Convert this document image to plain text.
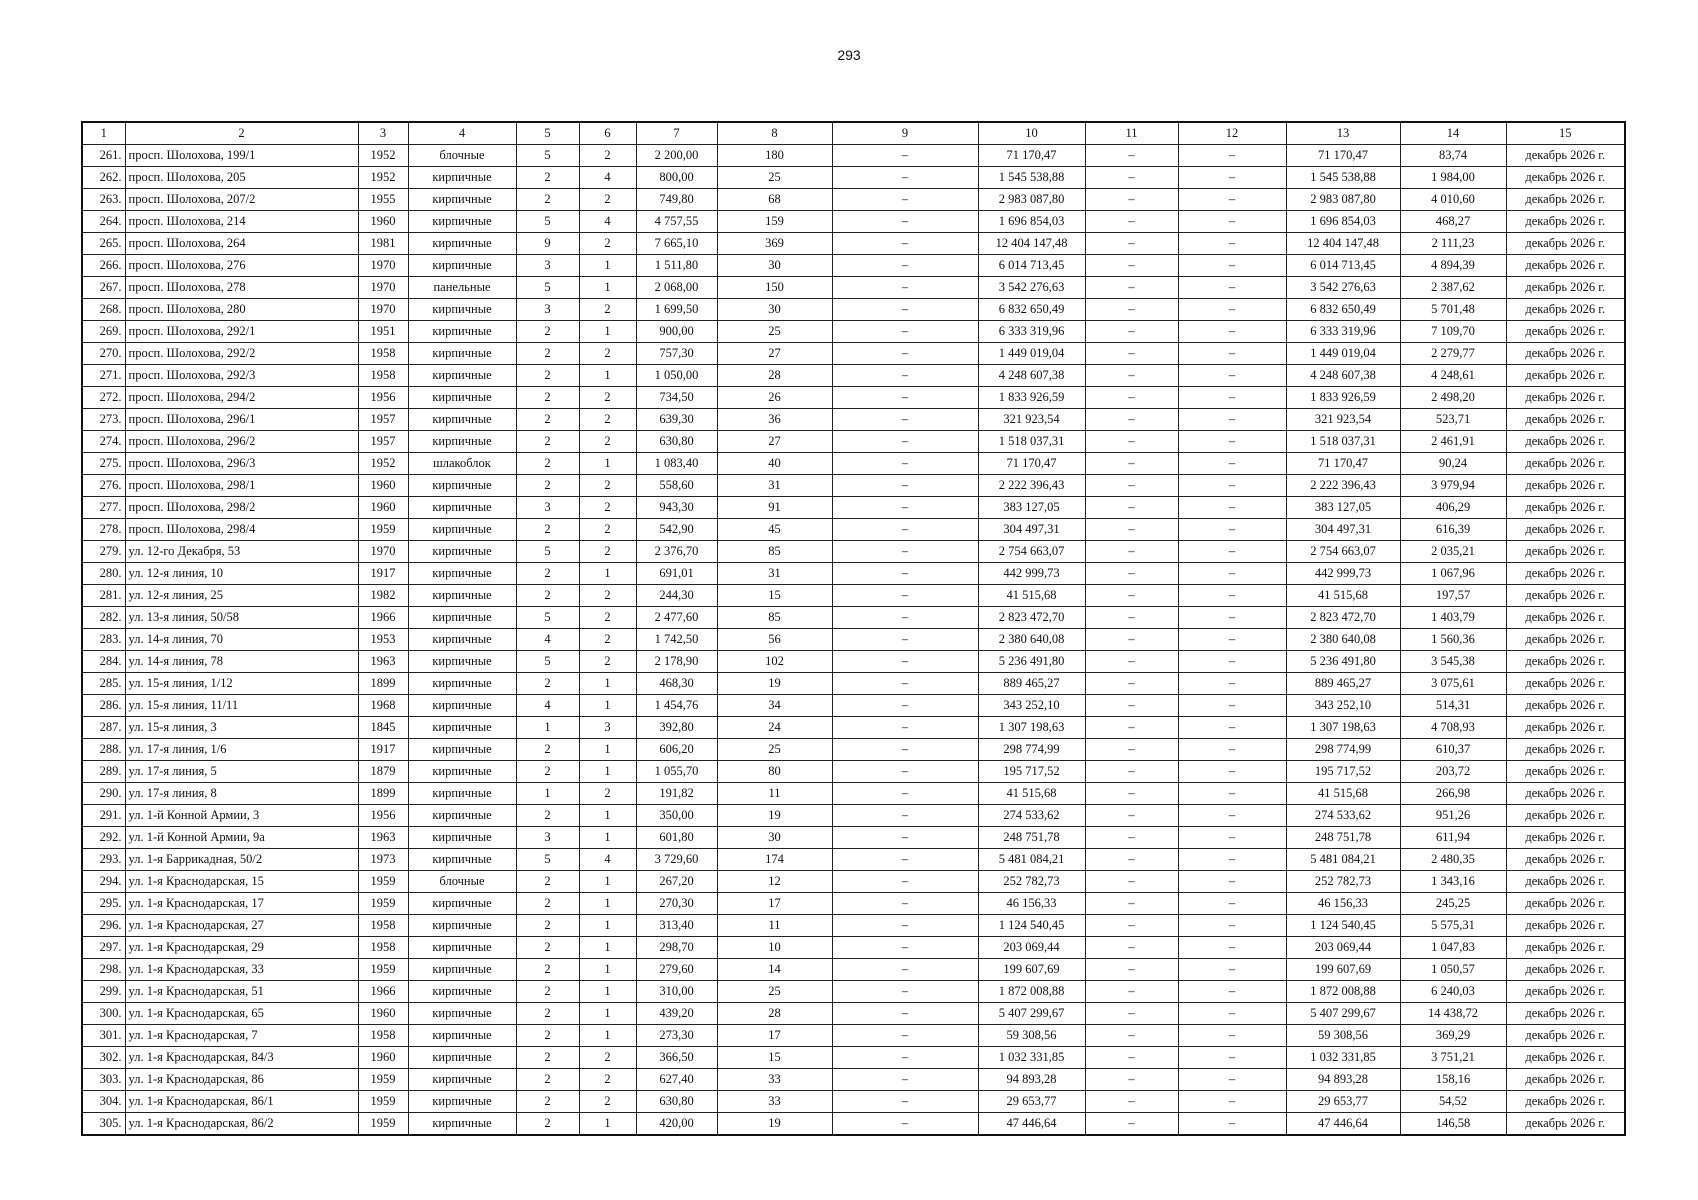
293
1	2	3	4	5	6	7	8	9	10	11	12	13	14	15
261.	просп. Шолохова, 199/1	1952	блочные	5	2	2 200,00	180	–	71 170,47	–	–	71 170,47	83,74	декабрь 2026 г.
262.	просп. Шолохова, 205	1952	кирпичные	2	4	800,00	25	–	1 545 538,88	–	–	1 545 538,88	1 984,00	декабрь 2026 г.
263.	просп. Шолохова, 207/2	1955	кирпичные	2	2	749,80	68	–	2 983 087,80	–	–	2 983 087,80	4 010,60	декабрь 2026 г.
264.	просп. Шолохова, 214	1960	кирпичные	5	4	4 757,55	159	–	1 696 854,03	–	–	1 696 854,03	468,27	декабрь 2026 г.
265.	просп. Шолохова, 264	1981	кирпичные	9	2	7 665,10	369	–	12 404 147,48	–	–	12 404 147,48	2 111,23	декабрь 2026 г.
266.	просп. Шолохова, 276	1970	кирпичные	3	1	1 511,80	30	–	6 014 713,45	–	–	6 014 713,45	4 894,39	декабрь 2026 г.
267.	просп. Шолохова, 278	1970	панельные	5	1	2 068,00	150	–	3 542 276,63	–	–	3 542 276,63	2 387,62	декабрь 2026 г.
268.	просп. Шолохова, 280	1970	кирпичные	3	2	1 699,50	30	–	6 832 650,49	–	–	6 832 650,49	5 701,48	декабрь 2026 г.
269.	просп. Шолохова, 292/1	1951	кирпичные	2	1	900,00	25	–	6 333 319,96	–	–	6 333 319,96	7 109,70	декабрь 2026 г.
270.	просп. Шолохова, 292/2	1958	кирпичные	2	2	757,30	27	–	1 449 019,04	–	–	1 449 019,04	2 279,77	декабрь 2026 г.
271.	просп. Шолохова, 292/3	1958	кирпичные	2	1	1 050,00	28	–	4 248 607,38	–	–	4 248 607,38	4 248,61	декабрь 2026 г.
272.	просп. Шолохова, 294/2	1956	кирпичные	2	2	734,50	26	–	1 833 926,59	–	–	1 833 926,59	2 498,20	декабрь 2026 г.
273.	просп. Шолохова, 296/1	1957	кирпичные	2	2	639,30	36	–	321 923,54	–	–	321 923,54	523,71	декабрь 2026 г.
274.	просп. Шолохова, 296/2	1957	кирпичные	2	2	630,80	27	–	1 518 037,31	–	–	1 518 037,31	2 461,91	декабрь 2026 г.
275.	просп. Шолохова, 296/3	1952	шлакоблок	2	1	1 083,40	40	–	71 170,47	–	–	71 170,47	90,24	декабрь 2026 г.
276.	просп. Шолохова, 298/1	1960	кирпичные	2	2	558,60	31	–	2 222 396,43	–	–	2 222 396,43	3 979,94	декабрь 2026 г.
277.	просп. Шолохова, 298/2	1960	кирпичные	3	2	943,30	91	–	383 127,05	–	–	383 127,05	406,29	декабрь 2026 г.
278.	просп. Шолохова, 298/4	1959	кирпичные	2	2	542,90	45	–	304 497,31	–	–	304 497,31	616,39	декабрь 2026 г.
279.	ул. 12-го Декабря, 53	1970	кирпичные	5	2	2 376,70	85	–	2 754 663,07	–	–	2 754 663,07	2 035,21	декабрь 2026 г.
280.	ул. 12-я линия, 10	1917	кирпичные	2	1	691,01	31	–	442 999,73	–	–	442 999,73	1 067,96	декабрь 2026 г.
281.	ул. 12-я линия, 25	1982	кирпичные	2	2	244,30	15	–	41 515,68	–	–	41 515,68	197,57	декабрь 2026 г.
282.	ул. 13-я линия, 50/58	1966	кирпичные	5	2	2 477,60	85	–	2 823 472,70	–	–	2 823 472,70	1 403,79	декабрь 2026 г.
283.	ул. 14-я линия, 70	1953	кирпичные	4	2	1 742,50	56	–	2 380 640,08	–	–	2 380 640,08	1 560,36	декабрь 2026 г.
284.	ул. 14-я линия, 78	1963	кирпичные	5	2	2 178,90	102	–	5 236 491,80	–	–	5 236 491,80	3 545,38	декабрь 2026 г.
285.	ул. 15-я линия, 1/12	1899	кирпичные	2	1	468,30	19	–	889 465,27	–	–	889 465,27	3 075,61	декабрь 2026 г.
286.	ул. 15-я линия, 11/11	1968	кирпичные	4	1	1 454,76	34	–	343 252,10	–	–	343 252,10	514,31	декабрь 2026 г.
287.	ул. 15-я линия, 3	1845	кирпичные	1	3	392,80	24	–	1 307 198,63	–	–	1 307 198,63	4 708,93	декабрь 2026 г.
288.	ул. 17-я линия, 1/6	1917	кирпичные	2	1	606,20	25	–	298 774,99	–	–	298 774,99	610,37	декабрь 2026 г.
289.	ул. 17-я линия, 5	1879	кирпичные	2	1	1 055,70	80	–	195 717,52	–	–	195 717,52	203,72	декабрь 2026 г.
290.	ул. 17-я линия, 8	1899	кирпичные	1	2	191,82	11	–	41 515,68	–	–	41 515,68	266,98	декабрь 2026 г.
291.	ул. 1-й Конной Армии, 3	1956	кирпичные	2	1	350,00	19	–	274 533,62	–	–	274 533,62	951,26	декабрь 2026 г.
292.	ул. 1-й Конной Армии, 9а	1963	кирпичные	3	1	601,80	30	–	248 751,78	–	–	248 751,78	611,94	декабрь 2026 г.
293.	ул. 1-я Баррикадная, 50/2	1973	кирпичные	5	4	3 729,60	174	–	5 481 084,21	–	–	5 481 084,21	2 480,35	декабрь 2026 г.
294.	ул. 1-я Краснодарская, 15	1959	блочные	2	1	267,20	12	–	252 782,73	–	–	252 782,73	1 343,16	декабрь 2026 г.
295.	ул. 1-я Краснодарская, 17	1959	кирпичные	2	1	270,30	17	–	46 156,33	–	–	46 156,33	245,25	декабрь 2026 г.
296.	ул. 1-я Краснодарская, 27	1958	кирпичные	2	1	313,40	11	–	1 124 540,45	–	–	1 124 540,45	5 575,31	декабрь 2026 г.
297.	ул. 1-я Краснодарская, 29	1958	кирпичные	2	1	298,70	10	–	203 069,44	–	–	203 069,44	1 047,83	декабрь 2026 г.
298.	ул. 1-я Краснодарская, 33	1959	кирпичные	2	1	279,60	14	–	199 607,69	–	–	199 607,69	1 050,57	декабрь 2026 г.
299.	ул. 1-я Краснодарская, 51	1966	кирпичные	2	1	310,00	25	–	1 872 008,88	–	–	1 872 008,88	6 240,03	декабрь 2026 г.
300.	ул. 1-я Краснодарская, 65	1960	кирпичные	2	1	439,20	28	–	5 407 299,67	–	–	5 407 299,67	14 438,72	декабрь 2026 г.
301.	ул. 1-я Краснодарская, 7	1958	кирпичные	2	1	273,30	17	–	59 308,56	–	–	59 308,56	369,29	декабрь 2026 г.
302.	ул. 1-я Краснодарская, 84/3	1960	кирпичные	2	2	366,50	15	–	1 032 331,85	–	–	1 032 331,85	3 751,21	декабрь 2026 г.
303.	ул. 1-я Краснодарская, 86	1959	кирпичные	2	2	627,40	33	–	94 893,28	–	–	94 893,28	158,16	декабрь 2026 г.
304.	ул. 1-я Краснодарская, 86/1	1959	кирпичные	2	2	630,80	33	–	29 653,77	–	–	29 653,77	54,52	декабрь 2026 г.
305.	ул. 1-я Краснодарская, 86/2	1959	кирпичные	2	1	420,00	19	–	47 446,64	–	–	47 446,64	146,58	декабрь 2026 г.
